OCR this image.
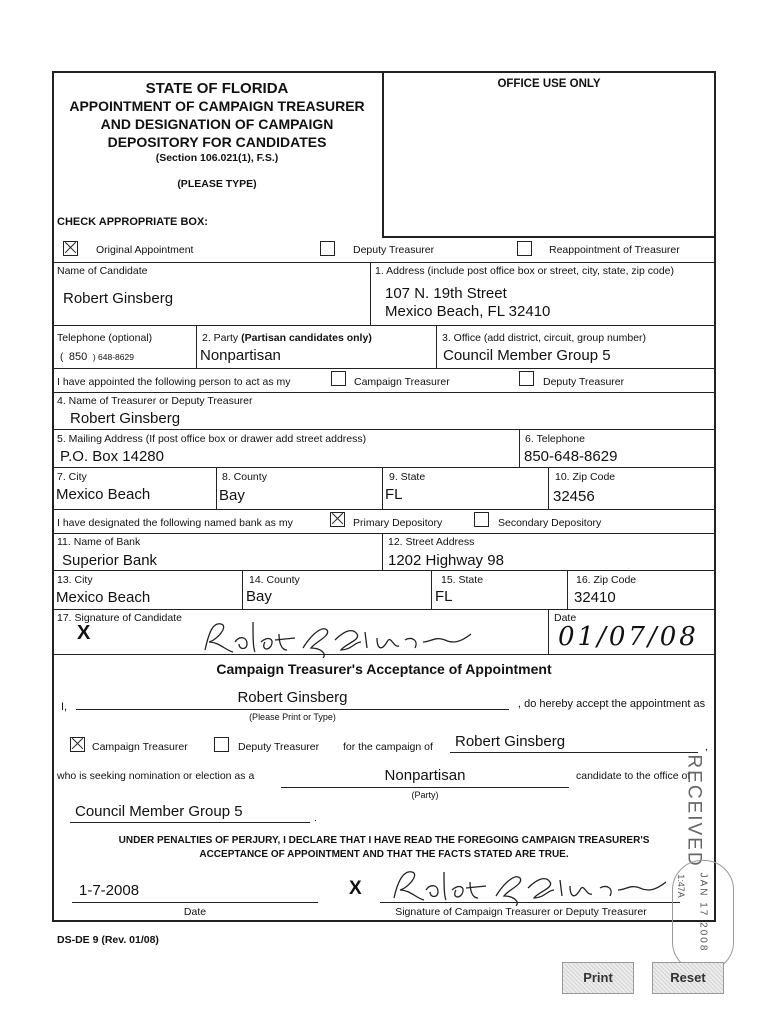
STATE OF FLORIDA
APPOINTMENT OF CAMPAIGN TREASURER
AND DESIGNATION OF CAMPAIGN
DEPOSITORY FOR CANDIDATES
(Section 106.021(1), F.S.)
(PLEASE TYPE)
OFFICE USE ONLY
CHECK APPROPRIATE BOX:
Original Appointment	Deputy Treasurer	Reappointment of Treasurer
Name of Candidate
Robert Ginsberg
1. Address (include post office box or street, city, state, zip code)
107 N. 19th Street
Mexico Beach, FL 32410
Telephone (optional)
( 850 ) 648-8629
2. Party (Partisan candidates only)
Nonpartisan
3. Office (add district, circuit, group number)
Council Member Group 5
I have appointed the following person to act as my	Campaign Treasurer	Deputy Treasurer
4. Name of Treasurer or Deputy Treasurer
Robert Ginsberg
5. Mailing Address (If post office box or drawer add street address)
P.O. Box 14280
6. Telephone
850-648-8629
7. City
Mexico Beach
8. County
Bay
9. State
FL
10. Zip Code
32456
I have designated the following named bank as my	Primary Depository	Secondary Depository
11. Name of Bank
Superior Bank
12. Street Address
1202 Highway 98
13. City
Mexico Beach
14. County
Bay
15. State
FL
16. Zip Code
32410
17. Signature of Candidate
X
Date
01/07/08
Campaign Treasurer's Acceptance of Appointment
I,
Robert Ginsberg
(Please Print or Type)
, do hereby accept the appointment as
Campaign Treasurer	Deputy Treasurer for the campaign of Robert Ginsberg	,
who is seeking nomination or election as a	Nonpartisan
(Party)
candidate to the office of
Council Member Group 5	.
UNDER PENALTIES OF PERJURY, I DECLARE THAT I HAVE READ THE FOREGOING CAMPAIGN TREASURER'S
ACCEPTANCE OF APPOINTMENT AND THAT THE FACTS STATED ARE TRUE.
1-7-2008
Date
X
Signature of Campaign Treasurer or Deputy Treasurer
RECEIVED
JAN 17 2008
1:47A
DS-DE 9 (Rev. 01/08)
Print	Reset
